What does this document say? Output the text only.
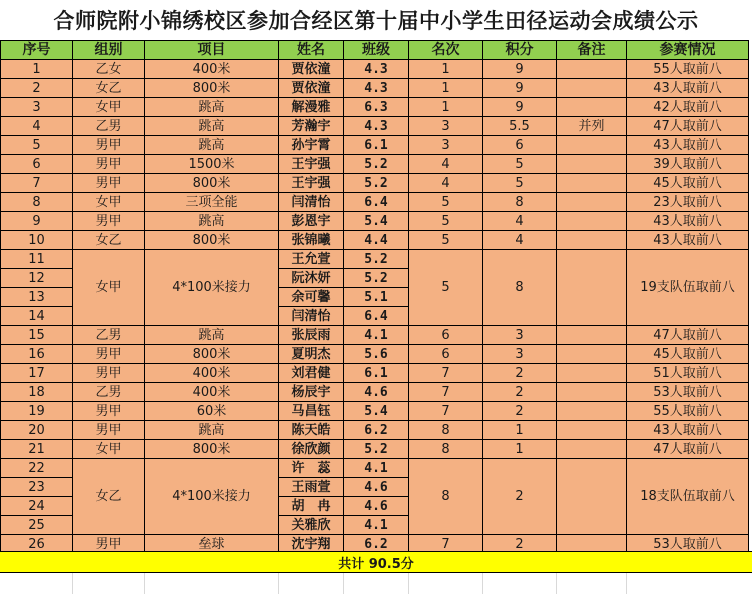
合师院附小锦绣校区参加合经区第十届中小学生田径运动会成绩公示
序号	组别	项目	姓名	班级	名次	积分	备注	参赛情况
1	乙女	400米	贾依潼	4.3	1	9		55人取前八
2	女乙	800米	贾依潼	4.3	1	9		43人取前八
3	女甲	跳高	解漫雅	6.3	1	9		42人取前八
4	乙男	跳高	芳瀚宇	4.3	3	5.5	并列	47人取前八
5	男甲	跳高	孙宇霄	6.1	3	6		43人取前八
6	男甲	1500米	王宇强	5.2	4	5		39人取前八
7	男甲	800米	王宇强	5.2	4	5		45人取前八
8	女甲	三项全能	闫清怡	6.4	5	8		23人取前八
9	男甲	跳高	彭恩宇	5.4	5	4		43人取前八
10	女乙	800米	张锦曦	4.4	5	4		43人取前八
11	女甲	4*100米接力	王允萱	5.2	5	8		19支队伍取前八
12			阮沐妍	5.2				
13			余可馨	5.1				
14			闫清怡	6.4				
15	乙男	跳高	张辰雨	4.1	6	3		47人取前八
16	男甲	800米	夏明杰	5.6	6	3		45人取前八
17	男甲	400米	刘君健	6.1	7	2		51人取前八
18	乙男	400米	杨辰宇	4.6	7	2		53人取前八
19	男甲	60米	马昌钰	5.4	7	2		55人取前八
20	男甲	跳高	陈天皓	6.2	8	1		43人取前八
21	女甲	800米	徐欣颜	5.2	8	1		47人取前八
22	女乙	4*100米接力	许　蕊	4.1	8	2		18支队伍取前八
23			王雨萱	4.6				
24			胡　冉	4.6				
25			关雅欣	4.1				
26	男甲	垒球	沈宇翔	6.2	7	2		53人取前八
共计 90.5分
